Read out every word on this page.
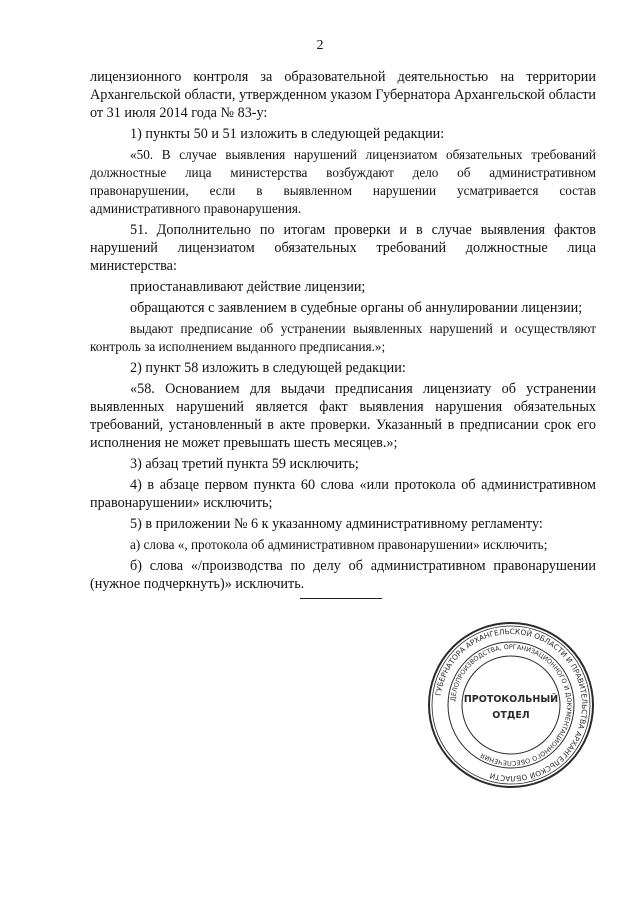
2

лицензионного контроля за образовательной деятельностью на территории Архангельской области, утвержденном указом Губернатора Архангельской области от 31 июля 2014 года № 83-у:

1) пункты 50 и 51 изложить в следующей редакции:

«50. В случае выявления нарушений лицензиатом обязательных требований должностные лица министерства возбуждают дело об административном правонарушении, если в выявленном нарушении усматривается состав административного правонарушения.

51. Дополнительно по итогам проверки и в случае выявления фактов нарушений лицензиатом обязательных требований должностные лица министерства:

приостанавливают действие лицензии;

обращаются с заявлением в судебные органы об аннулировании лицензии;

выдают предписание об устранении выявленных нарушений и осуществляют контроль за исполнением выданного предписания.»;

2) пункт 58 изложить в следующей редакции:

«58. Основанием для выдачи предписания лицензиату об устранении выявленных нарушений является факт выявления нарушения обязательных требований, установленный в акте проверки. Указанный в предписании срок его исполнения не может превышать шесть месяцев.»;

3) абзац третий пункта 59 исключить;

4) в абзаце первом пункта 60 слова «или протокола об административном правонарушении» исключить;

5) в приложении № 6 к указанному административному регламенту:

а) слова «, протокола об административном правонарушении» исключить;

б) слова «/производства по делу об административном правонарушении (нужное подчеркнуть)» исключить.

ГУБЕРНАТОРА АРХАНГЕЛЬСКОЙ ОБЛАСТИ И ПРАВИТЕЛЬСТВА АРХАНГЕЛЬСКОЙ ОБЛАСТИ
ДЕЛОПРОИЗВОДСТВА, ОРГАНИЗАЦИОННОГО И ДОКУМЕНТАЦИОННОГО ОБЕСПЕЧЕНИЯ
ПРОТОКОЛЬНЫЙ
ОТДЕЛ
